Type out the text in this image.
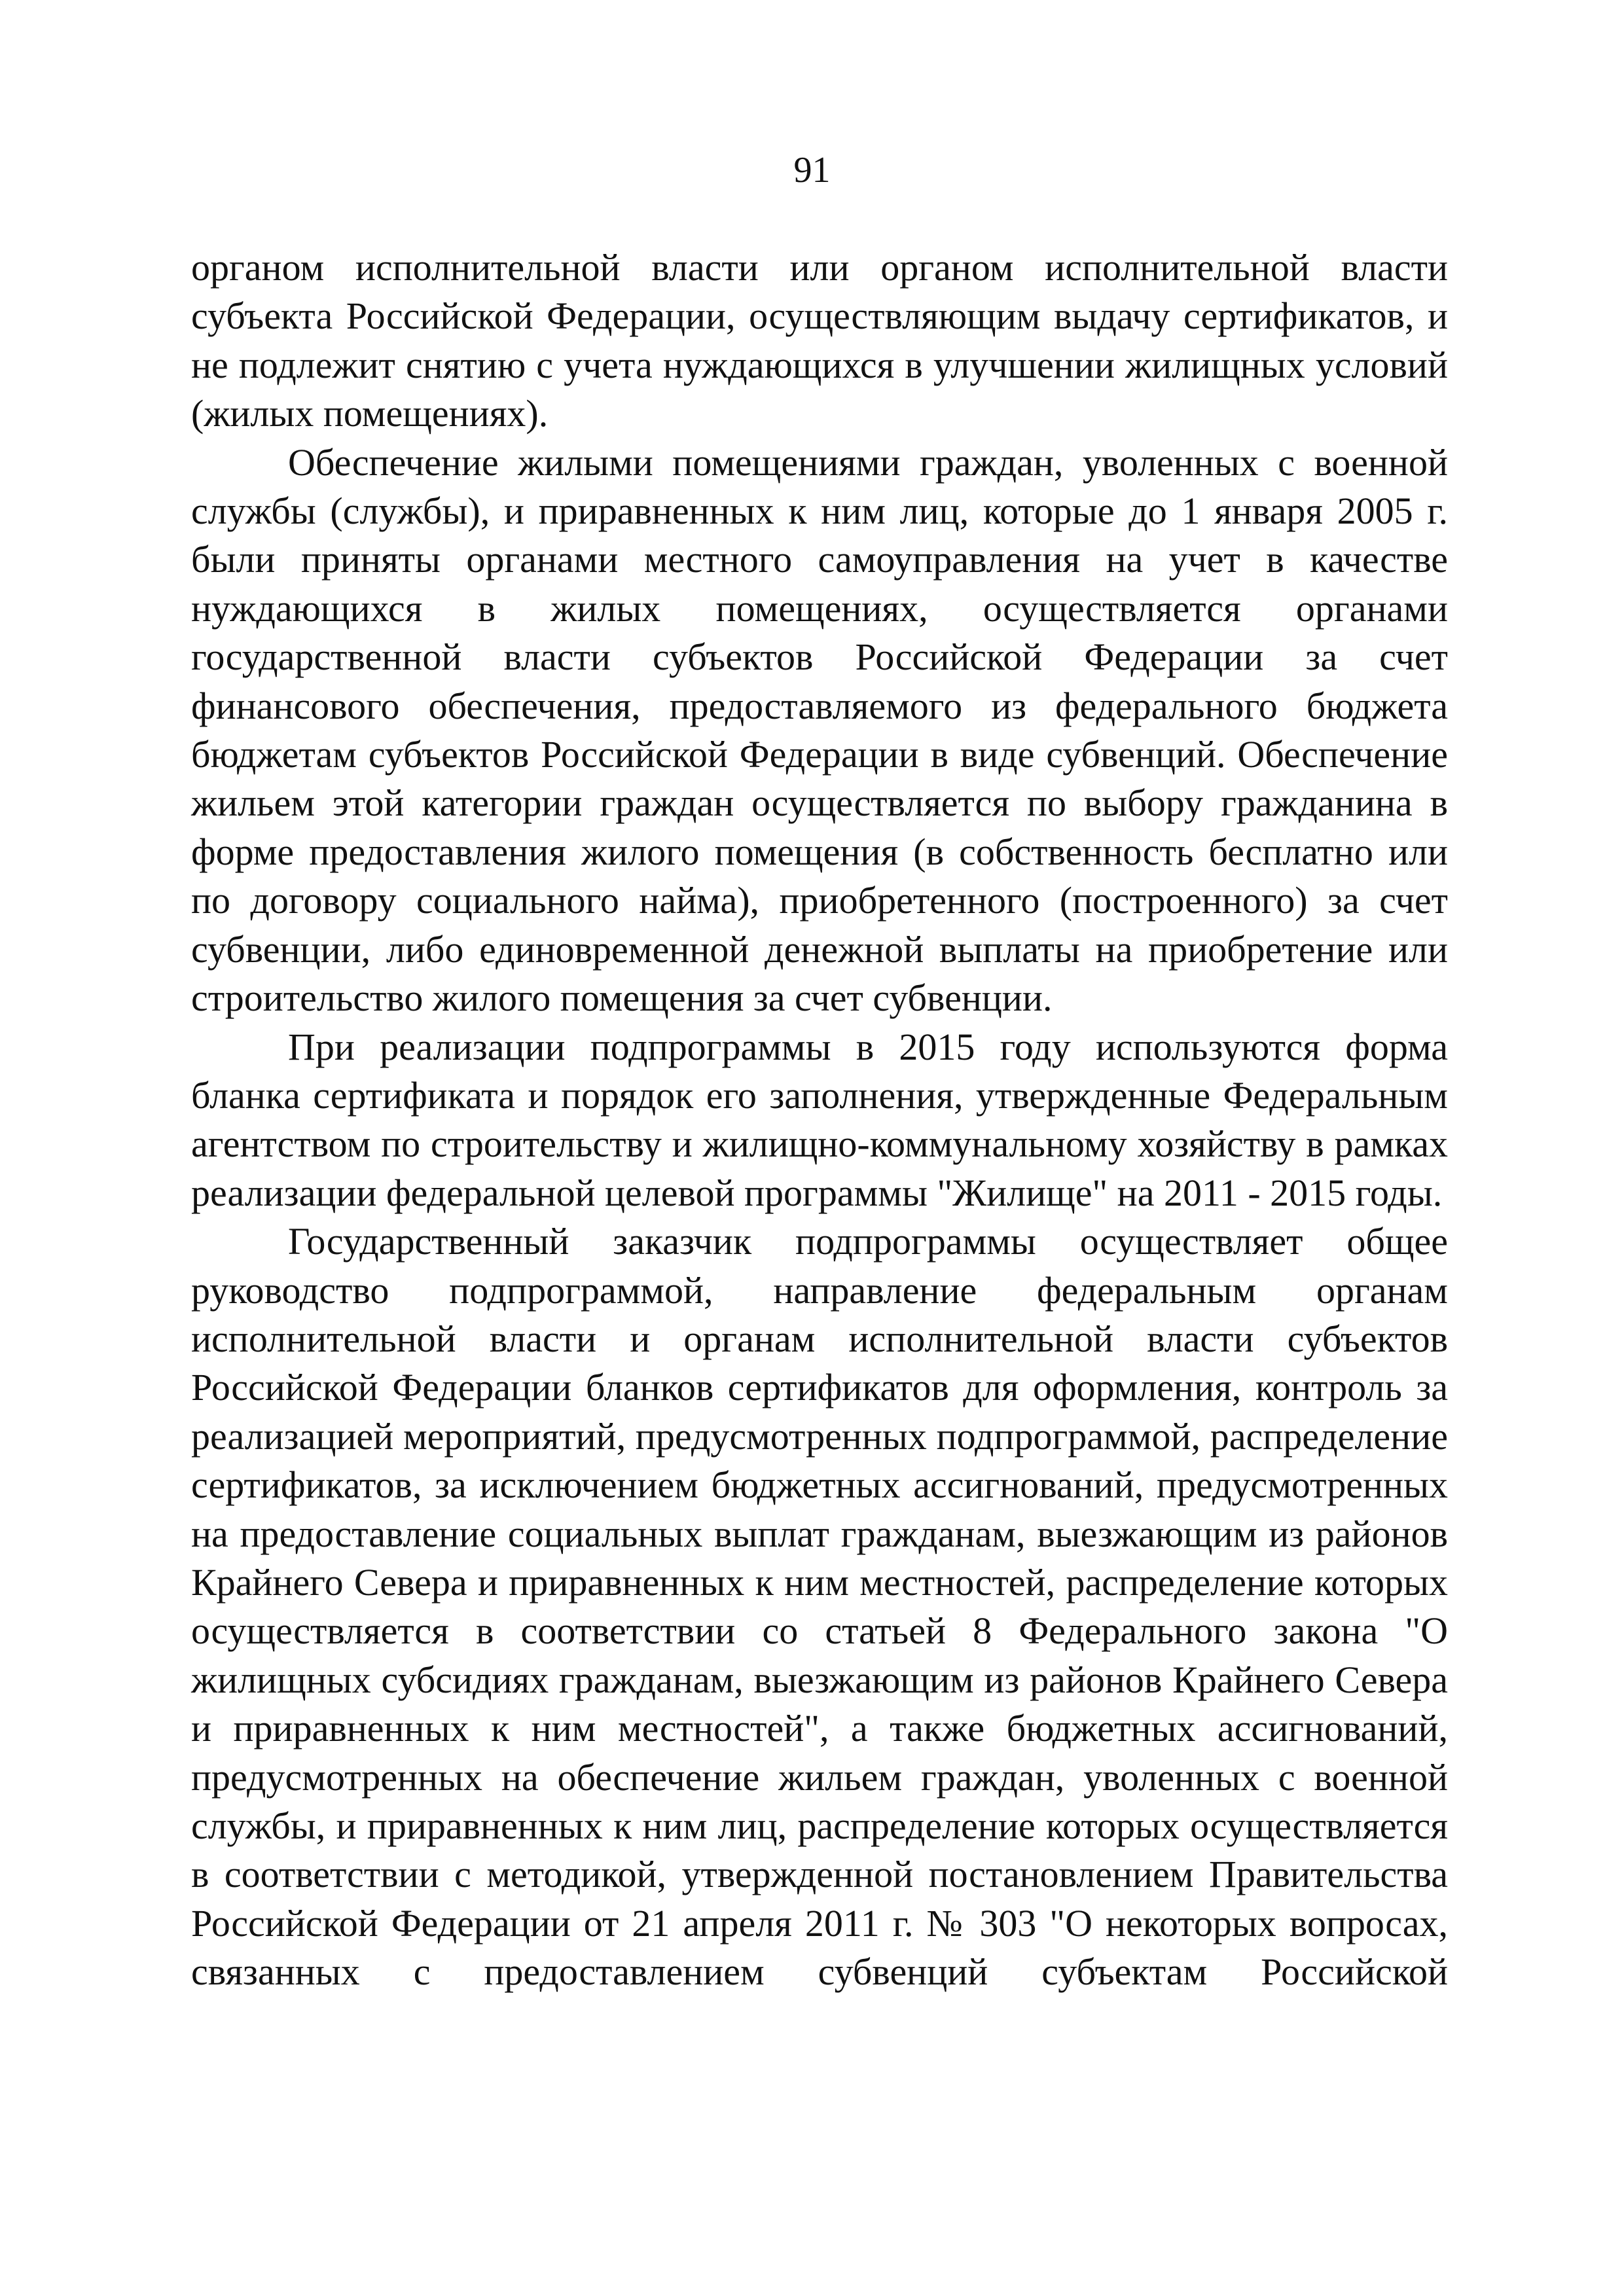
91

органом исполнительной власти или органом исполнительной власти субъекта Российской Федерации, осуществляющим выдачу сертификатов, и не подлежит снятию с учета нуждающихся в улучшении жилищных условий (жилых помещениях).

Обеспечение жилыми помещениями граждан, уволенных с военной службы (службы), и приравненных к ним лиц, которые до 1 января 2005 г. были приняты органами местного самоуправления на учет в качестве нуждающихся в жилых помещениях, осуществляется органами государственной власти субъектов Российской Федерации за счет финансового обеспечения, предоставляемого из федерального бюджета бюджетам субъектов Российской Федерации в виде субвенций. Обеспечение жильем этой категории граждан осуществляется по выбору гражданина в форме предоставления жилого помещения (в собственность бесплатно или по договору социального найма), приобретенного (построенного) за счет субвенции, либо единовременной денежной выплаты на приобретение или строительство жилого помещения за счет субвенции.

При реализации подпрограммы в 2015 году используются форма бланка сертификата и порядок его заполнения, утвержденные Федеральным агентством по строительству и жилищно-коммунальному хозяйству в рамках реализации федеральной целевой программы "Жилище" на 2011 - 2015 годы.

Государственный заказчик подпрограммы осуществляет общее руководство подпрограммой, направление федеральным органам исполнительной власти и органам исполнительной власти субъектов Российской Федерации бланков сертификатов для оформления, контроль за реализацией мероприятий, предусмотренных подпрограммой, распределение сертификатов, за исключением бюджетных ассигнований, предусмотренных на предоставление социальных выплат гражданам, выезжающим из районов Крайнего Севера и приравненных к ним местностей, распределение которых осуществляется в соответствии со статьей 8 Федерального закона "О жилищных субсидиях гражданам, выезжающим из районов Крайнего Севера и приравненных к ним местностей", а также бюджетных ассигнований, предусмотренных на обеспечение жильем граждан, уволенных с военной службы, и приравненных к ним лиц, распределение которых осуществляется в соответствии с методикой, утвержденной постановлением Правительства Российской Федерации от 21 апреля 2011 г. № 303 "О некоторых вопросах, связанных с предоставлением субвенций субъектам Российской
